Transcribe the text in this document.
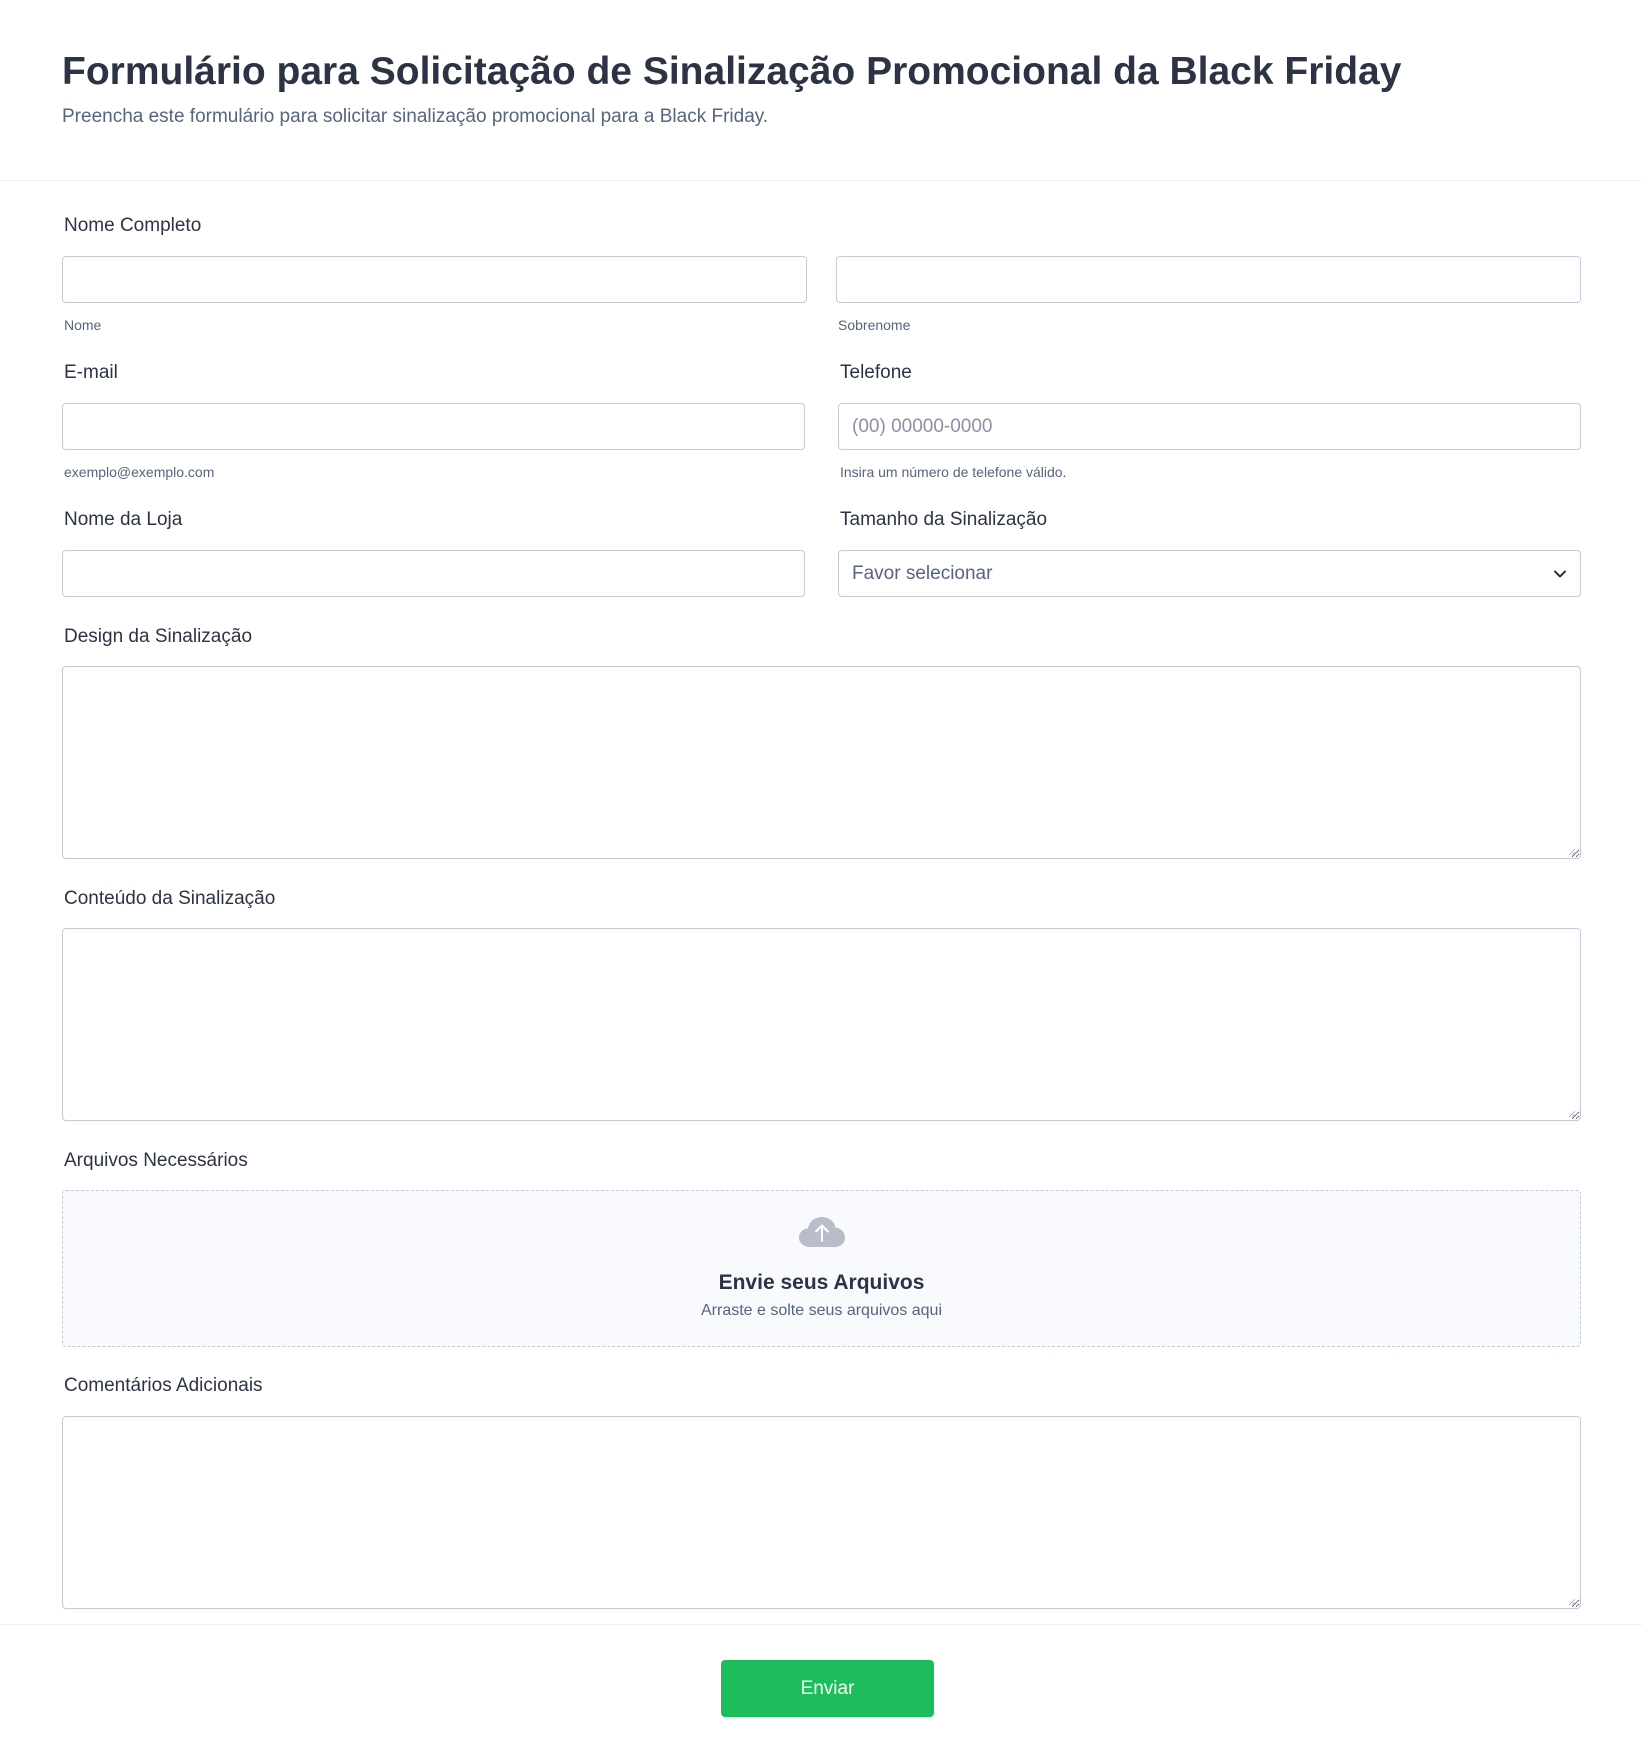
Formulário para Solicitação de Sinalização Promocional da Black Friday

Preencha este formulário para solicitar sinalização promocional para a Black Friday.

Nome Completo
Nome	Sobrenome
E-mail
exemplo@exemplo.com
Telefone
(00) 00000-0000
Insira um número de telefone válido.
Nome da Loja	Tamanho da Sinalização
Favor selecionar
Design da Sinalização
Conteúdo da Sinalização
Arquivos Necessários
Envie seus Arquivos
Arraste e solte seus arquivos aqui
Comentários Adicionais
Enviar
